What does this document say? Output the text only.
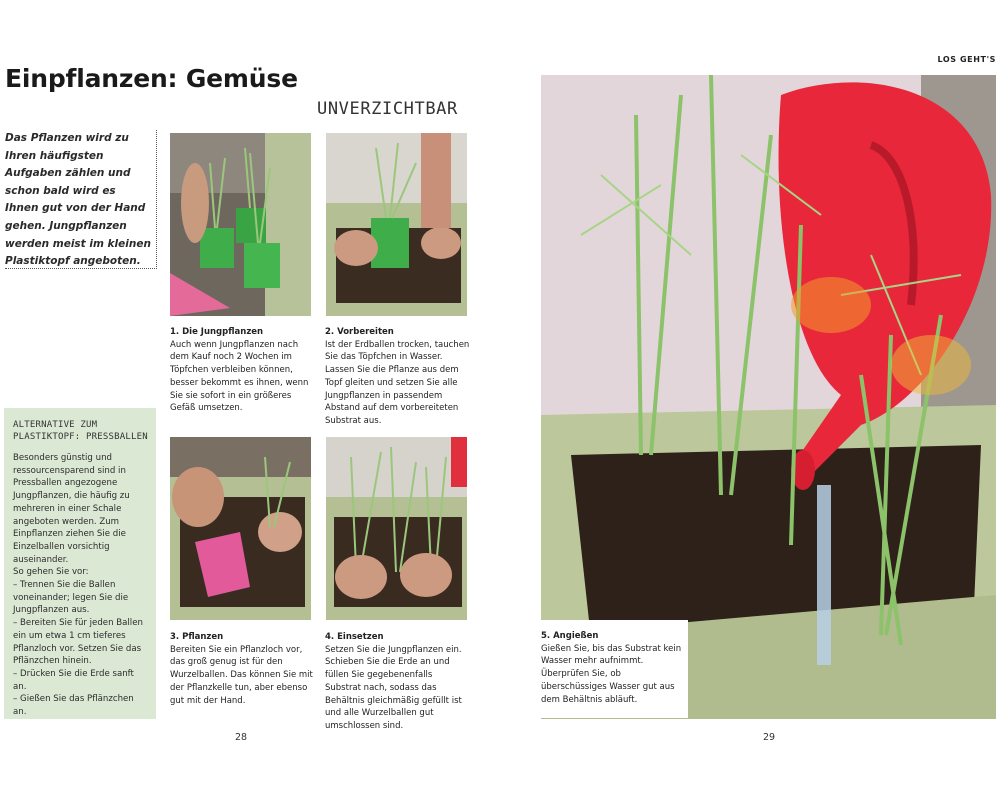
Einpflanzen: Gemüse
UNVERZICHTBAR
Das Pflanzen wird zu Ihren häufigsten Aufgaben zählen und schon bald wird es Ihnen gut von der Hand gehen. Jungpflanzen werden meist im kleinen Plastiktopf angeboten.
ALTERNATIVE ZUM
PLASTIKTOPF: PRESSBALLEN

Besonders günstig und ressourcensparend sind in Pressballen angezogene Jungpflanzen, die häufig zu mehreren in einer Schale angeboten werden. Zum Einpflanzen ziehen Sie die Einzelballen vorsichtig auseinander.

So gehen Sie vor:

– Trennen Sie die Ballen voneinander; legen Sie die Jungpflanzen aus.

– Bereiten Sie für jeden Ballen ein um etwa 1 cm tieferes Pflanzloch vor. Setzen Sie das Pflänzchen hinein.

– Drücken Sie die Erde sanft an.

– Gießen Sie das Pflänzchen an.

1. Die Jungpflanzen
Auch wenn Jungpflanzen nach dem Kauf noch 2 Wochen im Töpfchen verbleiben können, besser bekommt es ihnen, wenn Sie sie sofort in ein größeres Gefäß umsetzen.
2. Vorbereiten
Ist der Erdballen trocken, tauchen Sie das Töpfchen in Wasser. Lassen Sie die Pflanze aus dem Topf gleiten und setzen Sie alle Jungpflanzen in passendem Abstand auf dem vorbereiteten Substrat aus.
3. Pflanzen
Bereiten Sie ein Pflanzloch vor, das groß genug ist für den Wurzelballen. Das können Sie mit der Pflanzkelle tun, aber ebenso gut mit der Hand.
4. Einsetzen
Setzen Sie die Jungpflanzen ein. Schieben Sie die Erde an und füllen Sie gegebenenfalls Substrat nach, sodass das Behältnis gleichmäßig gefüllt ist und alle Wurzelballen gut umschlossen sind.
28
LOS GEHT'S
29
5. Angießen
Gießen Sie, bis das Substrat kein Wasser mehr aufnimmt. Überprüfen Sie, ob überschüssiges Wasser gut aus dem Behältnis abläuft.
